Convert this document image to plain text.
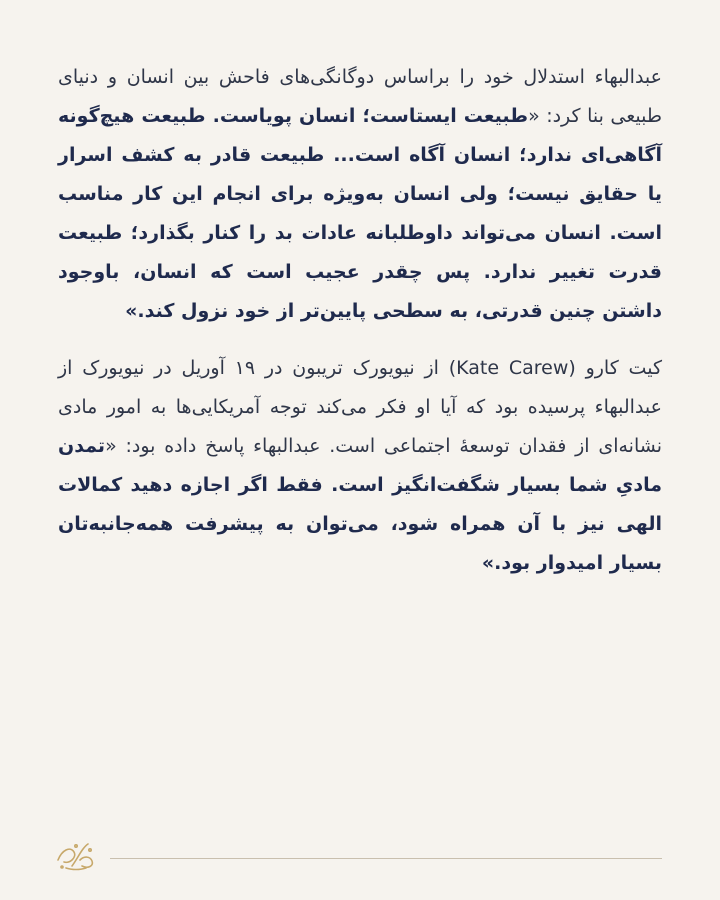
عبدالبهاء استدلال خود را براساس دوگانگی‌های فاحش بین انسان و دنیای طبیعی بنا کرد: «طبیعت ایستاست؛ انسان پویاست. طبیعت هیچ‌گونه آگاهی‌ای ندارد؛ انسان آگاه است... طبیعت قادر به کشف اسرار یا حقایق نیست؛ ولی انسان به‌ویژه برای انجام این کار مناسب است. انسان می‌تواند داوطلبانه عادات بد را کنار بگذارد؛ طبیعت قدرت تغییر ندارد. پس چقدر عجیب است که انسان، باوجود داشتن چنین قدرتی، به سطحی پایین‌تر از خود نزول کند.»

کیت کارو (Kate Carew) از نیویورک تریبون در ۱۹ آوریل در نیویورک از عبدالبهاء پرسیده بود که آیا او فکر می‌کند توجه آمریکایی‌ها به امور مادی نشانه‌ای از فقدان توسعهٔ اجتماعی است. عبدالبهاء پاسخ داده بود: «تمدن مادیِ شما بسیار شگفت‌انگیز است. فقط اگر اجازه دهید کمالات الهی نیز با آن همراه شود، می‌توان به پیشرفت همه‌جانبه‌تان بسیار امیدوار بود.»
